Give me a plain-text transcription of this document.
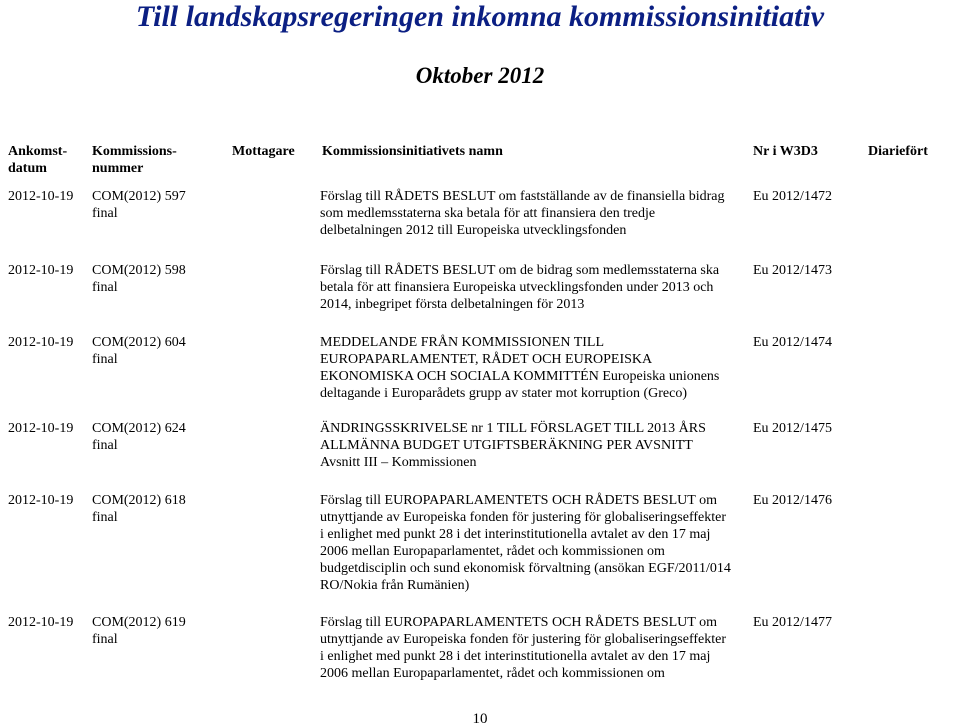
Till landskapsregeringen inkomna kommissionsinitiativ
Oktober 2012
Ankomst-
datum
Kommissions-
nummer
Mottagare Kommissionsinitiativets namn	Nr i W3D3	Diariefört
2012-10-19 COM(2012) 597
final
Förslag till RÅDETS BESLUT om fastställande av de finansiella bidrag
som medlemsstaterna ska betala för att finansiera den tredje
delbetalningen 2012 till Europeiska utvecklingsfonden
Eu 2012/1472
2012-10-19 COM(2012) 598
final
Förslag till RÅDETS BESLUT om de bidrag som medlemsstaterna ska
betala för att finansiera Europeiska utvecklingsfonden under 2013 och
2014, inbegripet första delbetalningen för 2013
Eu 2012/1473
2012-10-19 COM(2012) 604
final
MEDDELANDE FRÅN KOMMISSIONEN TILL
EUROPAPARLAMENTET, RÅDET OCH EUROPEISKA
EKONOMISKA OCH SOCIALA KOMMITTÉN Europeiska unionens
deltagande i Europarådets grupp av stater mot korruption (Greco)
Eu 2012/1474
2012-10-19 COM(2012) 624
final
ÄNDRINGSSKRIVELSE nr 1 TILL FÖRSLAGET TILL 2013 ÅRS
ALLMÄNNA BUDGET UTGIFTSBERÄKNING PER AVSNITT
Avsnitt III – Kommissionen
Eu 2012/1475
2012-10-19 COM(2012) 618
final
Förslag till EUROPAPARLAMENTETS OCH RÅDETS BESLUT om
utnyttjande av Europeiska fonden för justering för globaliseringseffekter
i enlighet med punkt 28 i det interinstitutionella avtalet av den 17 maj
2006 mellan Europaparlamentet, rådet och kommissionen om
budgetdisciplin och sund ekonomisk förvaltning (ansökan EGF/2011/014
RO/Nokia från Rumänien)
Eu 2012/1476
2012-10-19 COM(2012) 619
final
Förslag till EUROPAPARLAMENTETS OCH RÅDETS BESLUT om
utnyttjande av Europeiska fonden för justering för globaliseringseffekter
i enlighet med punkt 28 i det interinstitutionella avtalet av den 17 maj
2006 mellan Europaparlamentet, rådet och kommissionen om
Eu 2012/1477
10
